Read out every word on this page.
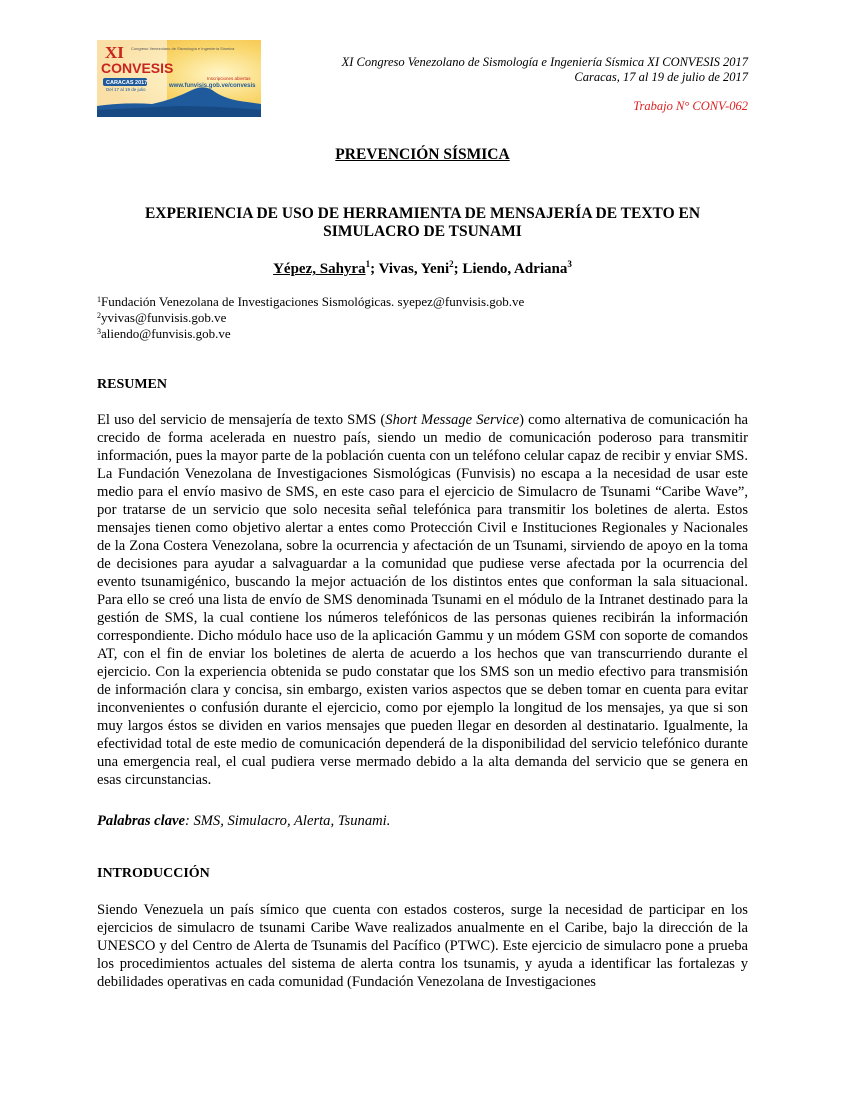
XI
CONVESIS
Congreso Venezolano de Sismología e Ingeniería Sísmica
CARACAS 2017
Del 17 al 19 de julio
Inscripciones abiertas
www.funvisis.gob.ve/convesis
XI Congreso Venezolano de Sismología e Ingeniería Sísmica XI CONVESIS 2017
Caracas, 17 al 19 de julio de 2017
Trabajo N° CONV-062
PREVENCIÓN SÍSMICA
EXPERIENCIA DE USO DE HERRAMIENTA DE MENSAJERÍA DE TEXTO EN
SIMULACRO DE TSUNAMI
Yépez, Sahyra$^1$; Vivas, Yeni$^2$; Liendo, Adriana$^3$
$^1$Fundación Venezolana de Investigaciones Sismológicas. syepez@funvisis.gob.ve
$^2$yvivas@funvisis.gob.ve
$^3$aliendo@funvisis.gob.ve
RESUMEN
El uso del servicio de mensajería de texto SMS (Short Message Service) como alternativa de comunicación ha crecido de forma acelerada en nuestro país, siendo un medio de comunicación poderoso para transmitir información, pues la mayor parte de la población cuenta con un teléfono celular capaz de recibir y enviar SMS. La Fundación Venezolana de Investigaciones Sismológicas (Funvisis) no escapa a la necesidad de usar este medio para el envío masivo de SMS, en este caso para el ejercicio de Simulacro de Tsunami “Caribe Wave”, por tratarse de un servicio que solo necesita señal telefónica para transmitir los boletines de alerta. Estos mensajes tienen como objetivo alertar a entes como Protección Civil e Instituciones Regionales y Nacionales de la Zona Costera Venezolana, sobre la ocurrencia y afectación de un Tsunami, sirviendo de apoyo en la toma de decisiones para ayudar a salvaguardar a la comunidad que pudiese verse afectada por la ocurrencia del evento tsunamigénico, buscando la mejor actuación de los distintos entes que conforman la sala situacional. Para ello se creó una lista de envío de SMS denominada Tsunami en el módulo de la Intranet destinado para la gestión de SMS, la cual contiene los números telefónicos de las personas quienes recibirán la información correspondiente. Dicho módulo hace uso de la aplicación Gammu y un módem GSM con soporte de comandos AT, con el fin de enviar los boletines de alerta de acuerdo a los hechos que van transcurriendo durante el ejercicio. Con la experiencia obtenida se pudo constatar que los SMS son un medio efectivo para transmisión de información clara y concisa, sin embargo, existen varios aspectos que se deben tomar en cuenta para evitar inconvenientes o confusión durante el ejercicio, como por ejemplo la longitud de los mensajes, ya que si son muy largos éstos se dividen en varios mensajes que pueden llegar en desorden al destinatario. Igualmente, la efectividad total de este medio de comunicación dependerá de la disponibilidad del servicio telefónico durante una emergencia real, el cual pudiera verse mermado debido a la alta demanda del servicio que se genera en esas circunstancias.
Palabras clave: SMS, Simulacro, Alerta, Tsunami.
INTRODUCCIÓN
Siendo Venezuela un país símico que cuenta con estados costeros, surge la necesidad de participar en los ejercicios de simulacro de tsunami Caribe Wave realizados anualmente en el Caribe, bajo la dirección de la UNESCO y del Centro de Alerta de Tsunamis del Pacífico (PTWC). Este ejercicio de simulacro pone a prueba los procedimientos actuales del sistema de alerta contra los tsunamis, y ayuda a identificar las fortalezas y debilidades operativas en cada comunidad (Fundación Venezolana de Investigaciones
